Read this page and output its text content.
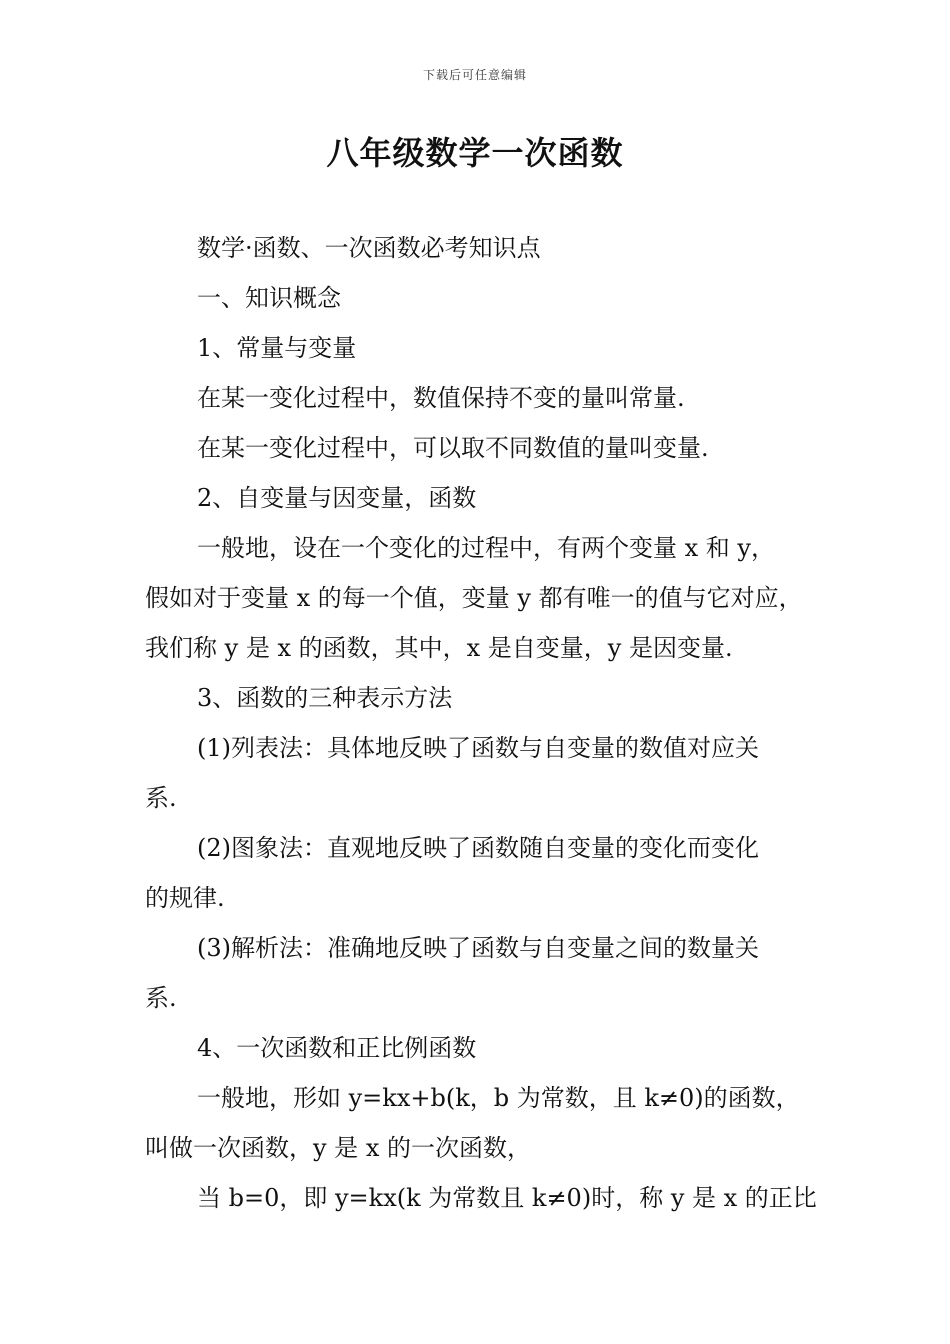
下载后可任意编辑
八年级数学一次函数

数学·函数、一次函数必考知识点

一、知识概念

1、常量与变量

在某一变化过程中，数值保持不变的量叫常量.

在某一变化过程中，可以取不同数值的量叫变量.

2、自变量与因变量，函数

一般地，设在一个变化的过程中，有两个变量 x 和 y，

假如对于变量 x 的每一个值，变量 y 都有唯一的值与它对应，

我们称 y 是 x 的函数，其中，x 是自变量，y 是因变量.

3、函数的三种表示方法

(1)列表法：具体地反映了函数与自变量的数值对应关

系.

(2)图象法：直观地反映了函数随自变量的变化而变化

的规律.

(3)解析法：准确地反映了函数与自变量之间的数量关

系.

4、一次函数和正比例函数

一般地，形如 y=kx+b(k，b 为常数，且 k≠0)的函数，

叫做一次函数，y 是 x 的一次函数，

当 b=0，即 y=kx(k 为常数且 k≠0)时，称 y 是 x 的正比
